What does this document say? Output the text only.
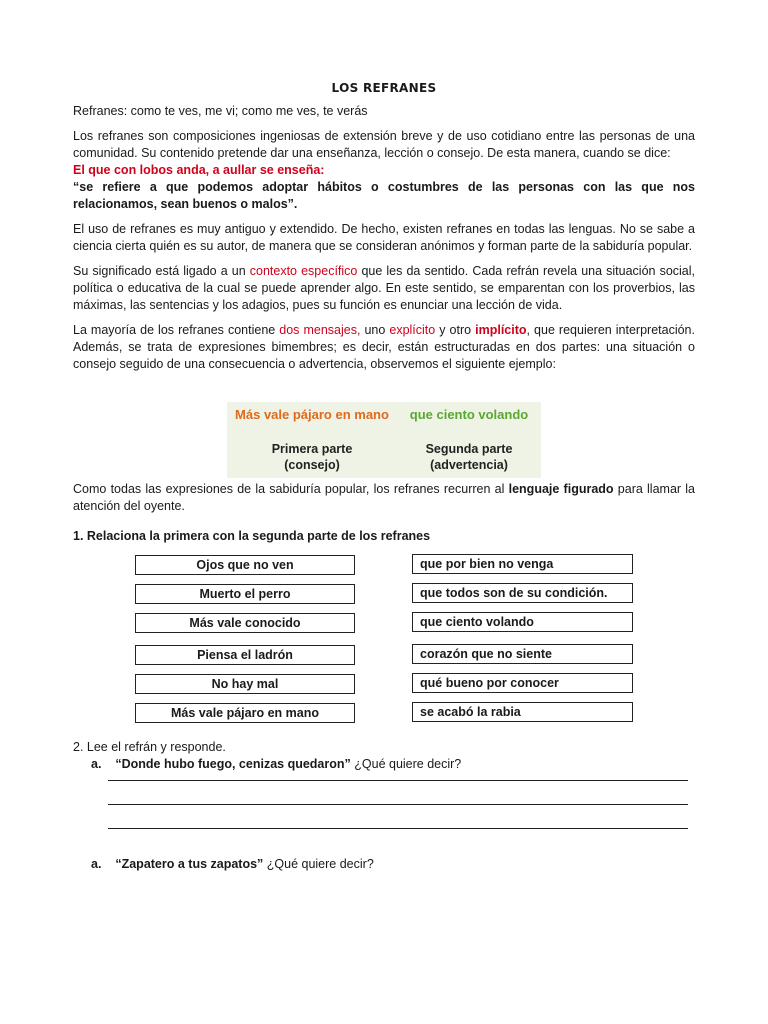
LOS REFRANES

Refranes: como te ves, me vi; como me ves, te verás

Los refranes son composiciones ingeniosas de extensión breve y de uso cotidiano entre las personas de una comunidad. Su contenido pretende dar una enseñanza, lección o consejo. De esta manera, cuando se dice:
El que con lobos anda, a aullar se enseña:
“se refiere a que podemos adoptar hábitos o costumbres de las personas con las que nos relacionamos, sean buenos o malos”.

El uso de refranes es muy antiguo y extendido. De hecho, existen refranes en todas las lenguas. No se sabe a ciencia cierta quién es su autor, de manera que se consideran anónimos y forman parte de la sabiduría popular.

Su significado está ligado a un contexto específico que les da sentido. Cada refrán revela una situación social, política o educativa de la cual se puede aprender algo. En este sentido, se emparentan con los proverbios, las máximas, las sentencias y los adagios, pues su función es enunciar una lección de vida.

La mayoría de los refranes contiene dos mensajes, uno explícito y otro implícito, que requieren interpretación. Además, se trata de expresiones bimembres; es decir, están estructuradas en dos partes: una situación o consejo seguido de una consecuencia o advertencia, observemos el siguiente ejemplo:

Más vale pájaro en mano
Primera parte
(consejo)
que ciento volando
Segunda parte
(advertencia)

Como todas las expresiones de la sabiduría popular, los refranes recurren al lenguaje figurado para llamar la atención del oyente.

1. Relaciona la primera con la segunda parte de los refranes
Ojos que no ven
Muerto el perro
Más vale conocido
Piensa el ladrón
No hay mal
Más vale pájaro en mano
que por bien no venga
que todos son de su condición.
que ciento volando
corazón que no siente
qué bueno por conocer
se acabó la rabia
2. Lee el refrán y responde.
a. “Donde hubo fuego, cenizas quedaron” ¿Qué quiere decir?
a. “Zapatero a tus zapatos” ¿Qué quiere decir?
